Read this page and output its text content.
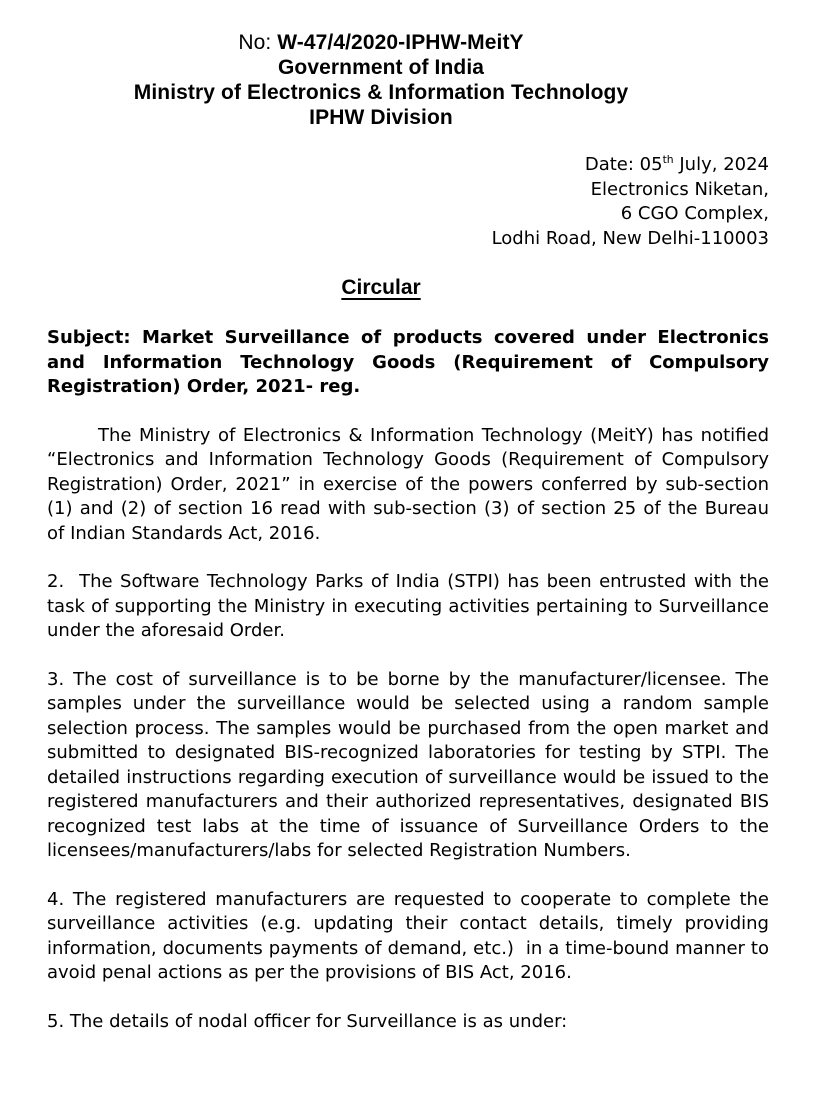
No: W-47/4/2020-IPHW-MeitY
Government of India
Ministry of Electronics & Information Technology
IPHW Division
Date: 05th July, 2024
Electronics Niketan,
6 CGO Complex,
Lodhi Road, New Delhi-110003
Circular

Subject: Market Surveillance of products covered under Electronics and Information Technology Goods (Requirement of Compulsory Registration) Order, 2021- reg.

The Ministry of Electronics & Information Technology (MeitY) has notified “Electronics and Information Technology Goods (Requirement of Compulsory Registration) Order, 2021” in exercise of the powers conferred by sub-section (1) and (2) of section 16 read with sub-section (3) of section 25 of the Bureau of Indian Standards Act, 2016.

2.  The Software Technology Parks of India (STPI) has been entrusted with the task of supporting the Ministry in executing activities pertaining to Surveillance under the aforesaid Order.

3. The cost of surveillance is to be borne by the manufacturer/licensee. The samples under the surveillance would be selected using a random sample selection process. The samples would be purchased from the open market and submitted to designated BIS-recognized laboratories for testing by STPI. The detailed instructions regarding execution of surveillance would be issued to the registered manufacturers and their authorized representatives, designated BIS recognized test labs at the time of issuance of Surveillance Orders to the licensees/manufacturers/labs for selected Registration Numbers.

4. The registered manufacturers are requested to cooperate to complete the surveillance activities (e.g. updating their contact details, timely providing information, documents payments of demand, etc.)  in a time-bound manner to avoid penal actions as per the provisions of BIS Act, 2016.

5. The details of nodal officer for Surveillance is as under:
